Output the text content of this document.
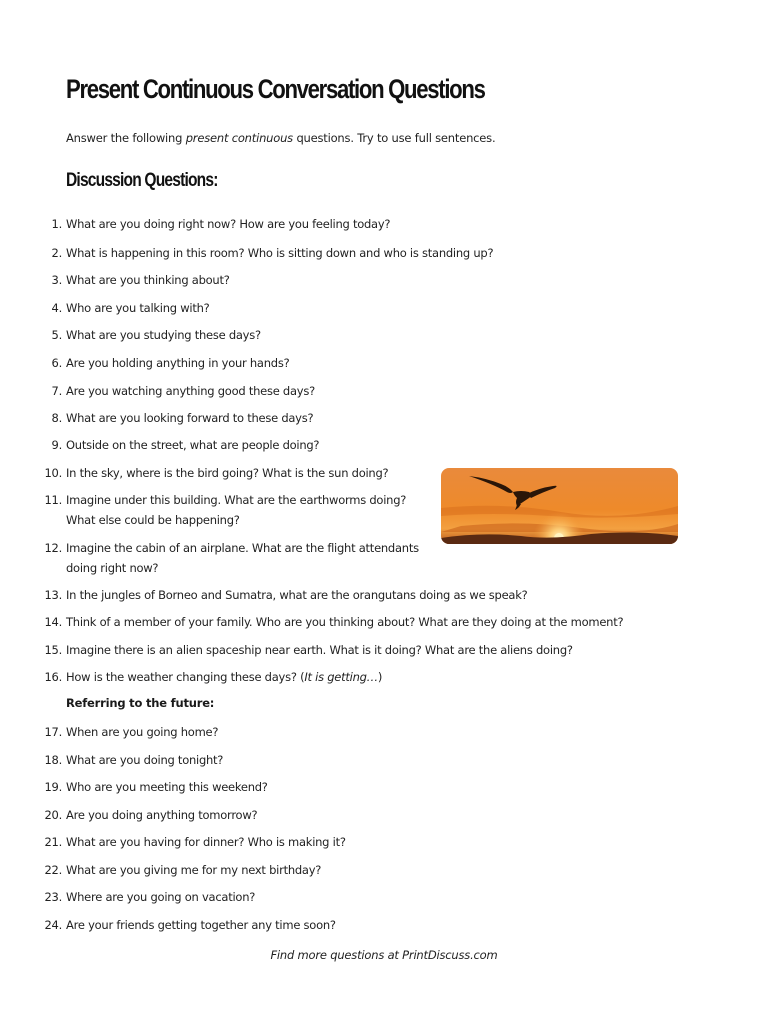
Present Continuous Conversation Questions

Answer the following present continuous questions. Try to use full sentences.

Discussion Questions:
1. What are you doing right now? How are you feeling today?
2. What is happening in this room? Who is sitting down and who is standing up?
3. What are you thinking about?
4. Who are you talking with?
5. What are you studying these days?
6. Are you holding anything in your hands?
7. Are you watching anything good these days?
8. What are you looking forward to these days?
9. Outside on the street, what are people doing?
10. In the sky, where is the bird going? What is the sun doing?
11. Imagine under this building. What are the earthworms doing? What else could be happening?
12. Imagine the cabin of an airplane. What are the flight attendants doing right now?
13. In the jungles of Borneo and Sumatra, what are the orangutans doing as we speak?
14. Think of a member of your family. Who are you thinking about? What are they doing at the moment?
15. Imagine there is an alien spaceship near earth. What is it doing? What are the aliens doing?
16. How is the weather changing these days? (It is getting…)

Referring to the future:

17. When are you going home?
18. What are you doing tonight?
19. Who are you meeting this weekend?
20. Are you doing anything tomorrow?
21. What are you having for dinner? Who is making it?
22. What are you giving me for my next birthday?
23. Where are you going on vacation?
24. Are your friends getting together any time soon?
Find more questions at PrintDiscuss.com
